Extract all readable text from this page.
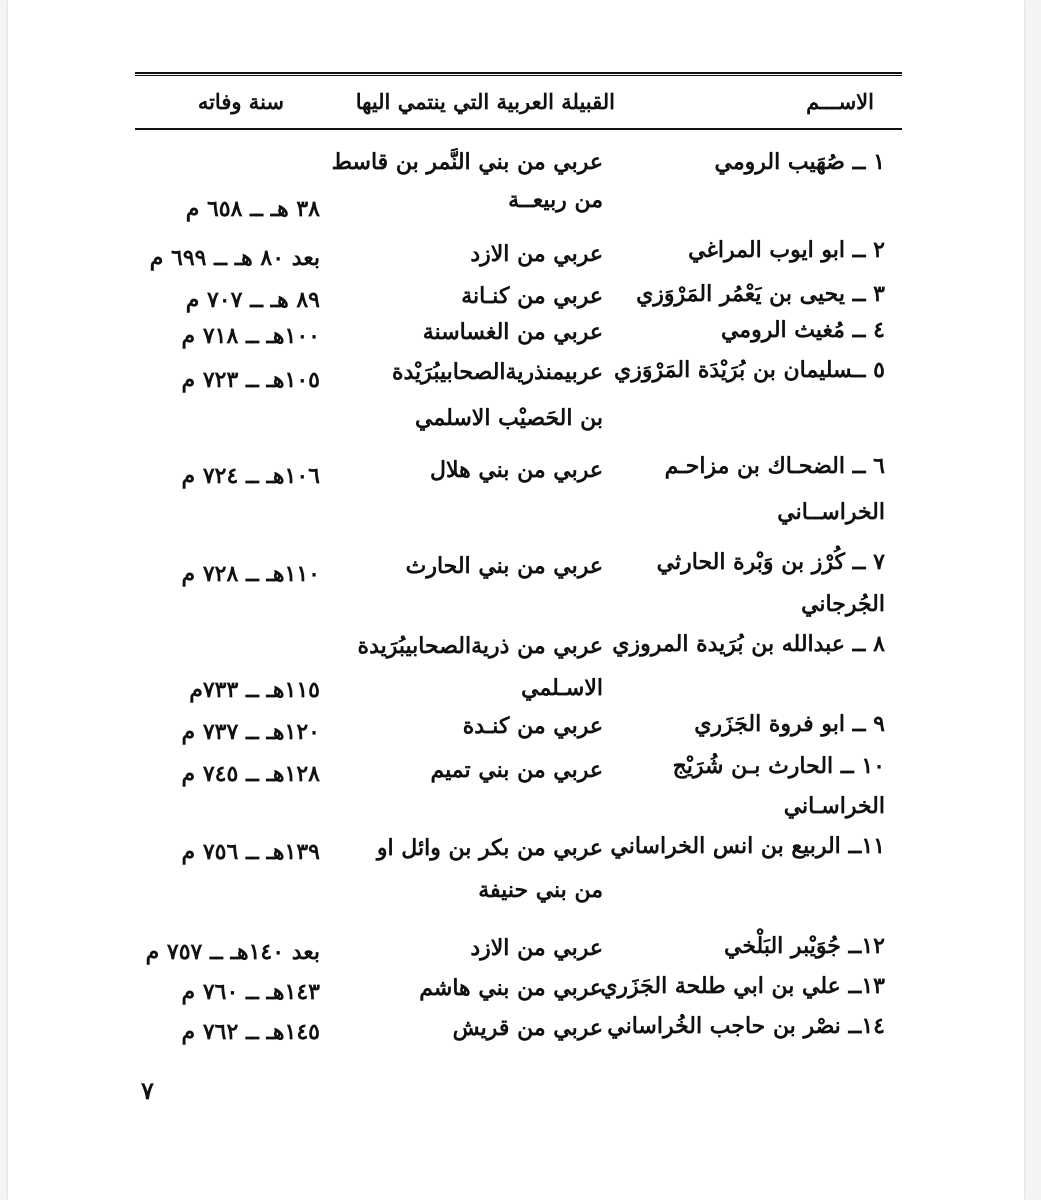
الاســـم
القبيلة العربية التي ينتمي اليها
سنة وفاته
١ ــ صُهَيب الرومي
عربي من بني النَّمر بن قاسط
من ربيعــة
٣٨ هـ ــ ٦٥٨ م
٢ ــ ابو ايوب المراغي
عربي من الازد
بعد ٨٠ هـ ــ ٦٩٩ م
٣ ــ يحيى بن يَعْمُر المَرْوَزي
عربي من كنـانة
٨٩ هـ ــ ٧٠٧ م
٤ ــ مُغيث الرومي
عربي من الغساسنة
١٠٠هـ ــ ٧١٨ م
٥ ــسليمان بن بُرَيْدَة المَرْوَزي
عربيمنذريةالصحابيبُرَيْدة
بن الحَصيْب الاسلمي
١٠٥هـ ــ ٧٢٣ م
٦ ــ الضحـاك بن مزاحـم
الخراســاني
عربي من بني هلال
١٠٦هـ ــ ٧٢٤ م
٧ ــ كُرْز بن وَبْرة الحارثي
الجُرجاني
عربي من بني الحارث
١١٠هـ ــ ٧٢٨ م
٨ ــ عبدالله بن بُرَيدة المروزي
عربي من ذريةالصحابيبُرَيدة
الاسـلمي
١١٥هـ ــ ٧٣٣م
٩ ــ ابو فروة الجَزَري
عربي من كنـدة
١٢٠هـ ــ ٧٣٧ م
١٠ ــ الحارث بـن شُرَيْج
الخراسـاني
عربي من بني تميم
١٢٨هـ ــ ٧٤٥ م
١١ــ الربيع بن انس الخراساني
عربي من بكر بن وائل او
من بني حنيفة
١٣٩هـ ــ ٧٥٦ م
١٢ــ جُوَيْبر البَلْخي
عربي من الازد
بعد ١٤٠هـ ــ ٧٥٧ م
١٣ــ علي بن ابي طلحة الجَزَري
عربي من بني هاشم
١٤٣هـ ــ ٧٦٠ م
١٤ــ نصْر بن حاجب الخُراساني
عربي من قريش
١٤٥هـ ــ ٧٦٢ م
٧
